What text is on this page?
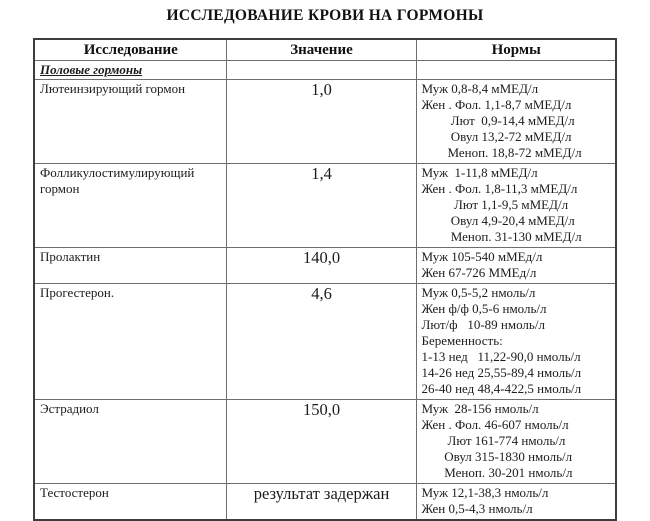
ИССЛЕДОВАНИЕ КРОВИ НА ГОРМОНЫ
Исследование	Значение	Нормы
Половые гормоны		
Лютеинзирующий гормон	1,0	Муж 0,8-8,4 мМЕД/л
Жен . Фол. 1,1-8,7 мМЕД/л
Лют  0,9-14,4 мМЕД/л
Овул 13,2-72 мМЕД/л
Меноп. 18,8-72 мМЕД/л

Фолликулостимулирующий гормон	1,4	Муж  1-11,8 мМЕД/л
Жен . Фол. 1,8-11,3 мМЕД/л
Лют 1,1-9,5 мМЕД/л
Овул 4,9-20,4 мМЕД/л
Меноп. 31-130 мМЕД/л

Пролактин	140,0	Муж 105-540 мМЕд/л
Жен 67-726 ММЕд/л

Прогестерон.	4,6	Муж 0,5-5,2 нмоль/л
Жен ф/ф 0,5-6 нмоль/л
Лют/ф   10-89 нмоль/л
Беременность:
1-13 нед   11,22-90,0 нмоль/л
14-26 нед 25,55-89,4 нмоль/л
26-40 нед 48,4-422,5 нмоль/л

Эстрадиол	150,0	Муж  28-156 нмоль/л
Жен . Фол. 46-607 нмоль/л
Лют 161-774 нмоль/л
Овул 315-1830 нмоль/л
Меноп. 30-201 нмоль/л

Тестостерон	результат задержан	Муж 12,1-38,3 нмоль/л
Жен 0,5-4,3 нмоль/л
